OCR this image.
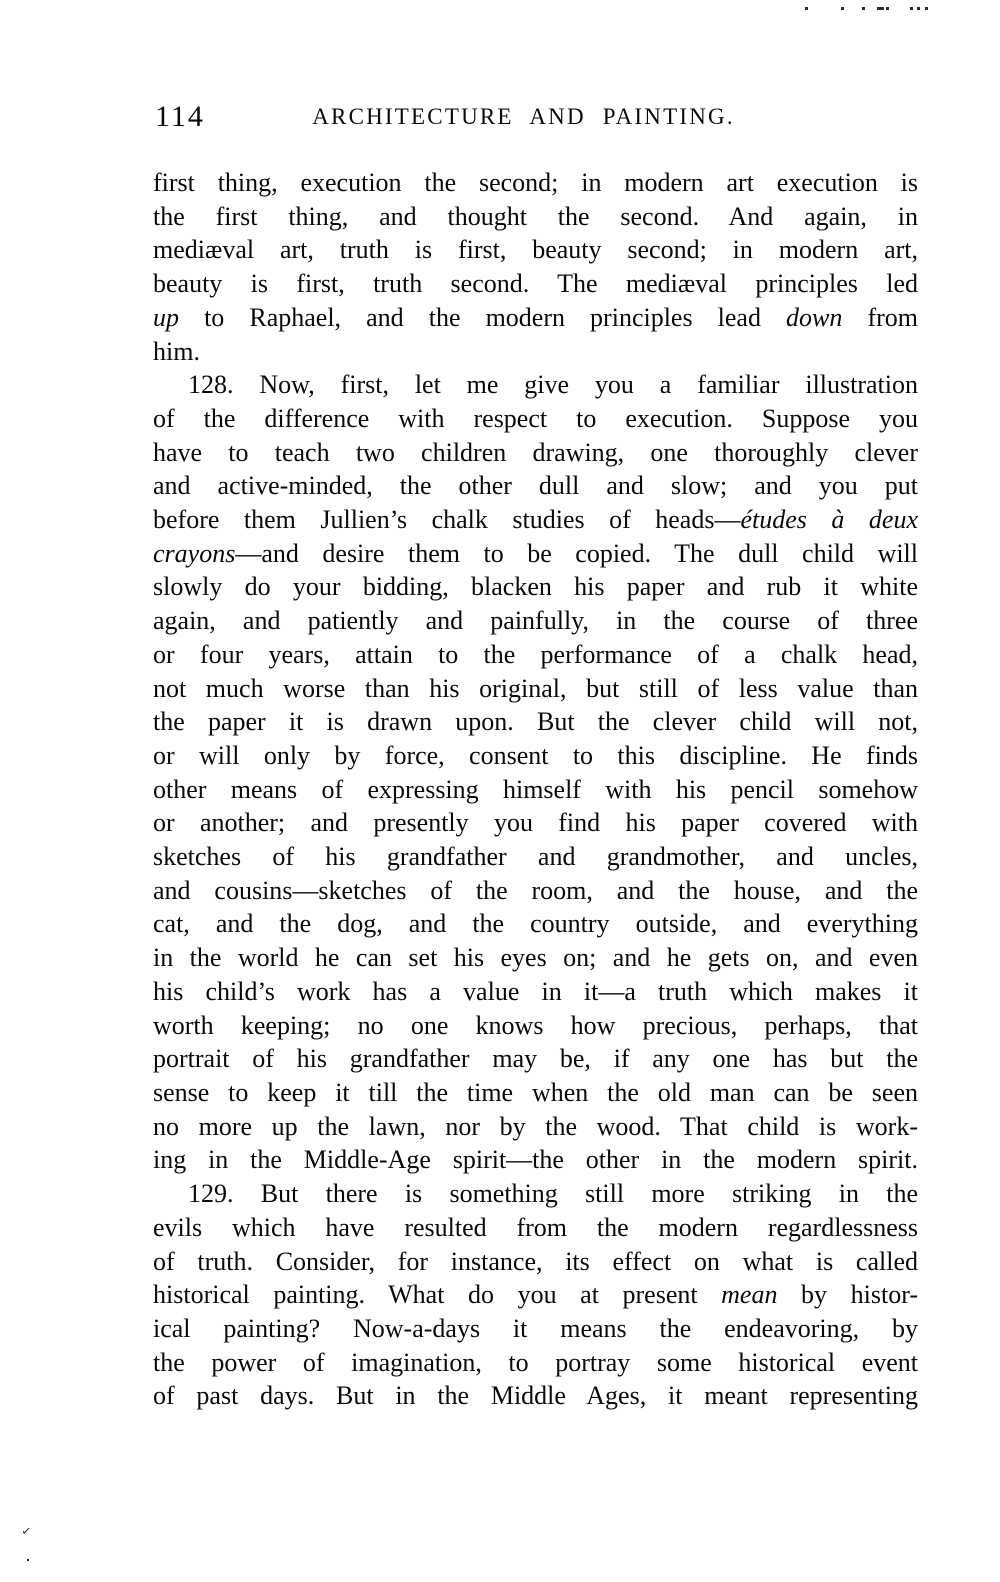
114	ARCHITECTURE AND PAINTING.
first thing, execution the second; in modern art execution is
the first thing, and thought the second. And again, in
mediæval art, truth is first, beauty second; in modern art,
beauty is first, truth second. The mediæval principles led
up to Raphael, and the modern principles lead down from
him.
128. Now, first, let me give you a familiar illustration
of the difference with respect to execution. Suppose you
have to teach two children drawing, one thoroughly clever
and active-minded, the other dull and slow; and you put
before them Jullien’s chalk studies of heads—études à deux
crayons—and desire them to be copied. The dull child will
slowly do your bidding, blacken his paper and rub it white
again, and patiently and painfully, in the course of three
or four years, attain to the performance of a chalk head,
not much worse than his original, but still of less value than
the paper it is drawn upon. But the clever child will not,
or will only by force, consent to this discipline. He finds
other means of expressing himself with his pencil somehow
or another; and presently you find his paper covered with
sketches of his grandfather and grandmother, and uncles,
and cousins—sketches of the room, and the house, and the
cat, and the dog, and the country outside, and everything
in the world he can set his eyes on; and he gets on, and even
his child’s work has a value in it—a truth which makes it
worth keeping; no one knows how precious, perhaps, that
portrait of his grandfather may be, if any one has but the
sense to keep it till the time when the old man can be seen
no more up the lawn, nor by the wood. That child is work-
ing in the Middle-Age spirit—the other in the modern spirit.
129. But there is something still more striking in the
evils which have resulted from the modern regardlessness
of truth. Consider, for instance, its effect on what is called
historical painting. What do you at present mean by histor-
ical painting? Now-a-days it means the endeavoring, by
the power of imagination, to portray some historical event
of past days. But in the Middle Ages, it meant representing
✓
